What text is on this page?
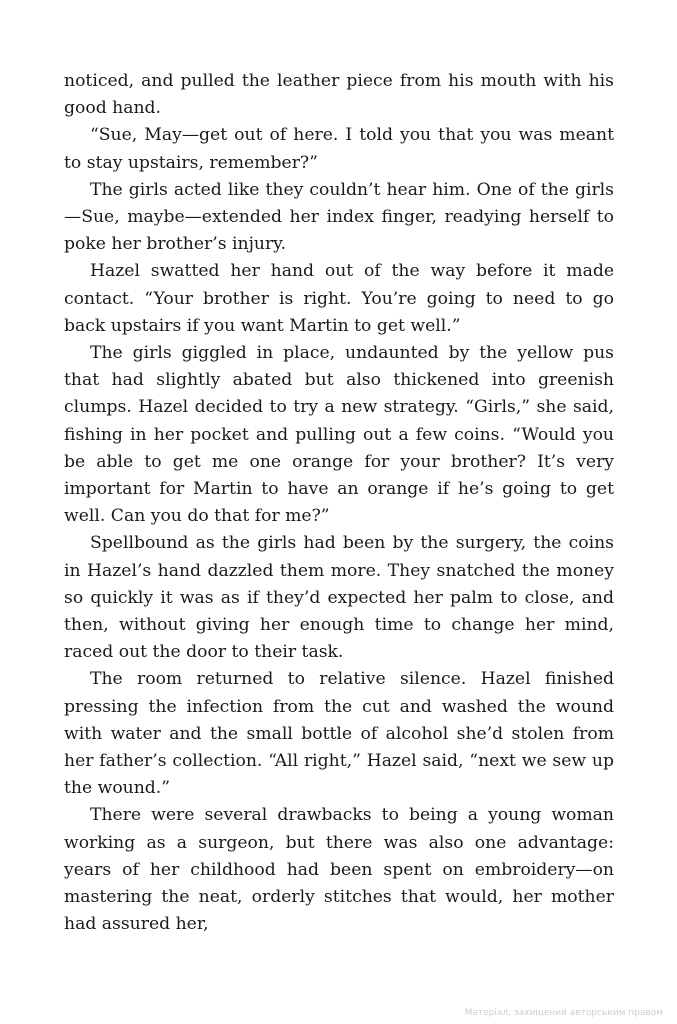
noticed, and pulled the leather piece from his mouth with his good hand.

“Sue, May—get out of here. I told you that you was meant to stay upstairs, remember?”

The girls acted like they couldn’t hear him. One of the girls—Sue, maybe—extended her index finger, readying herself to poke her brother’s injury.

Hazel swatted her hand out of the way before it made contact. “Your brother is right. You’re going to need to go back upstairs if you want Martin to get well.”

The girls giggled in place, undaunted by the yellow pus that had slightly abated but also thickened into greenish clumps. Hazel decided to try a new strategy. “Girls,” she said, fishing in her pocket and pulling out a few coins. “Would you be able to get me one orange for your brother? It’s very important for Martin to have an orange if he’s going to get well. Can you do that for me?”

Spellbound as the girls had been by the surgery, the coins in Hazel’s hand dazzled them more. They snatched the money so quickly it was as if they’d expected her palm to close, and then, without giving her enough time to change her mind, raced out the door to their task.

The room returned to relative silence. Hazel finished pressing the infection from the cut and washed the wound with water and the small bottle of alcohol she’d stolen from her father’s collection. “All right,” Hazel said, “next we sew up the wound.”

There were several drawbacks to being a young woman working as a surgeon, but there was also one advantage: years of her childhood had been spent on embroidery—on mastering the neat, orderly stitches that would, her mother had assured her,

Матеріал, захищений авторським правом
